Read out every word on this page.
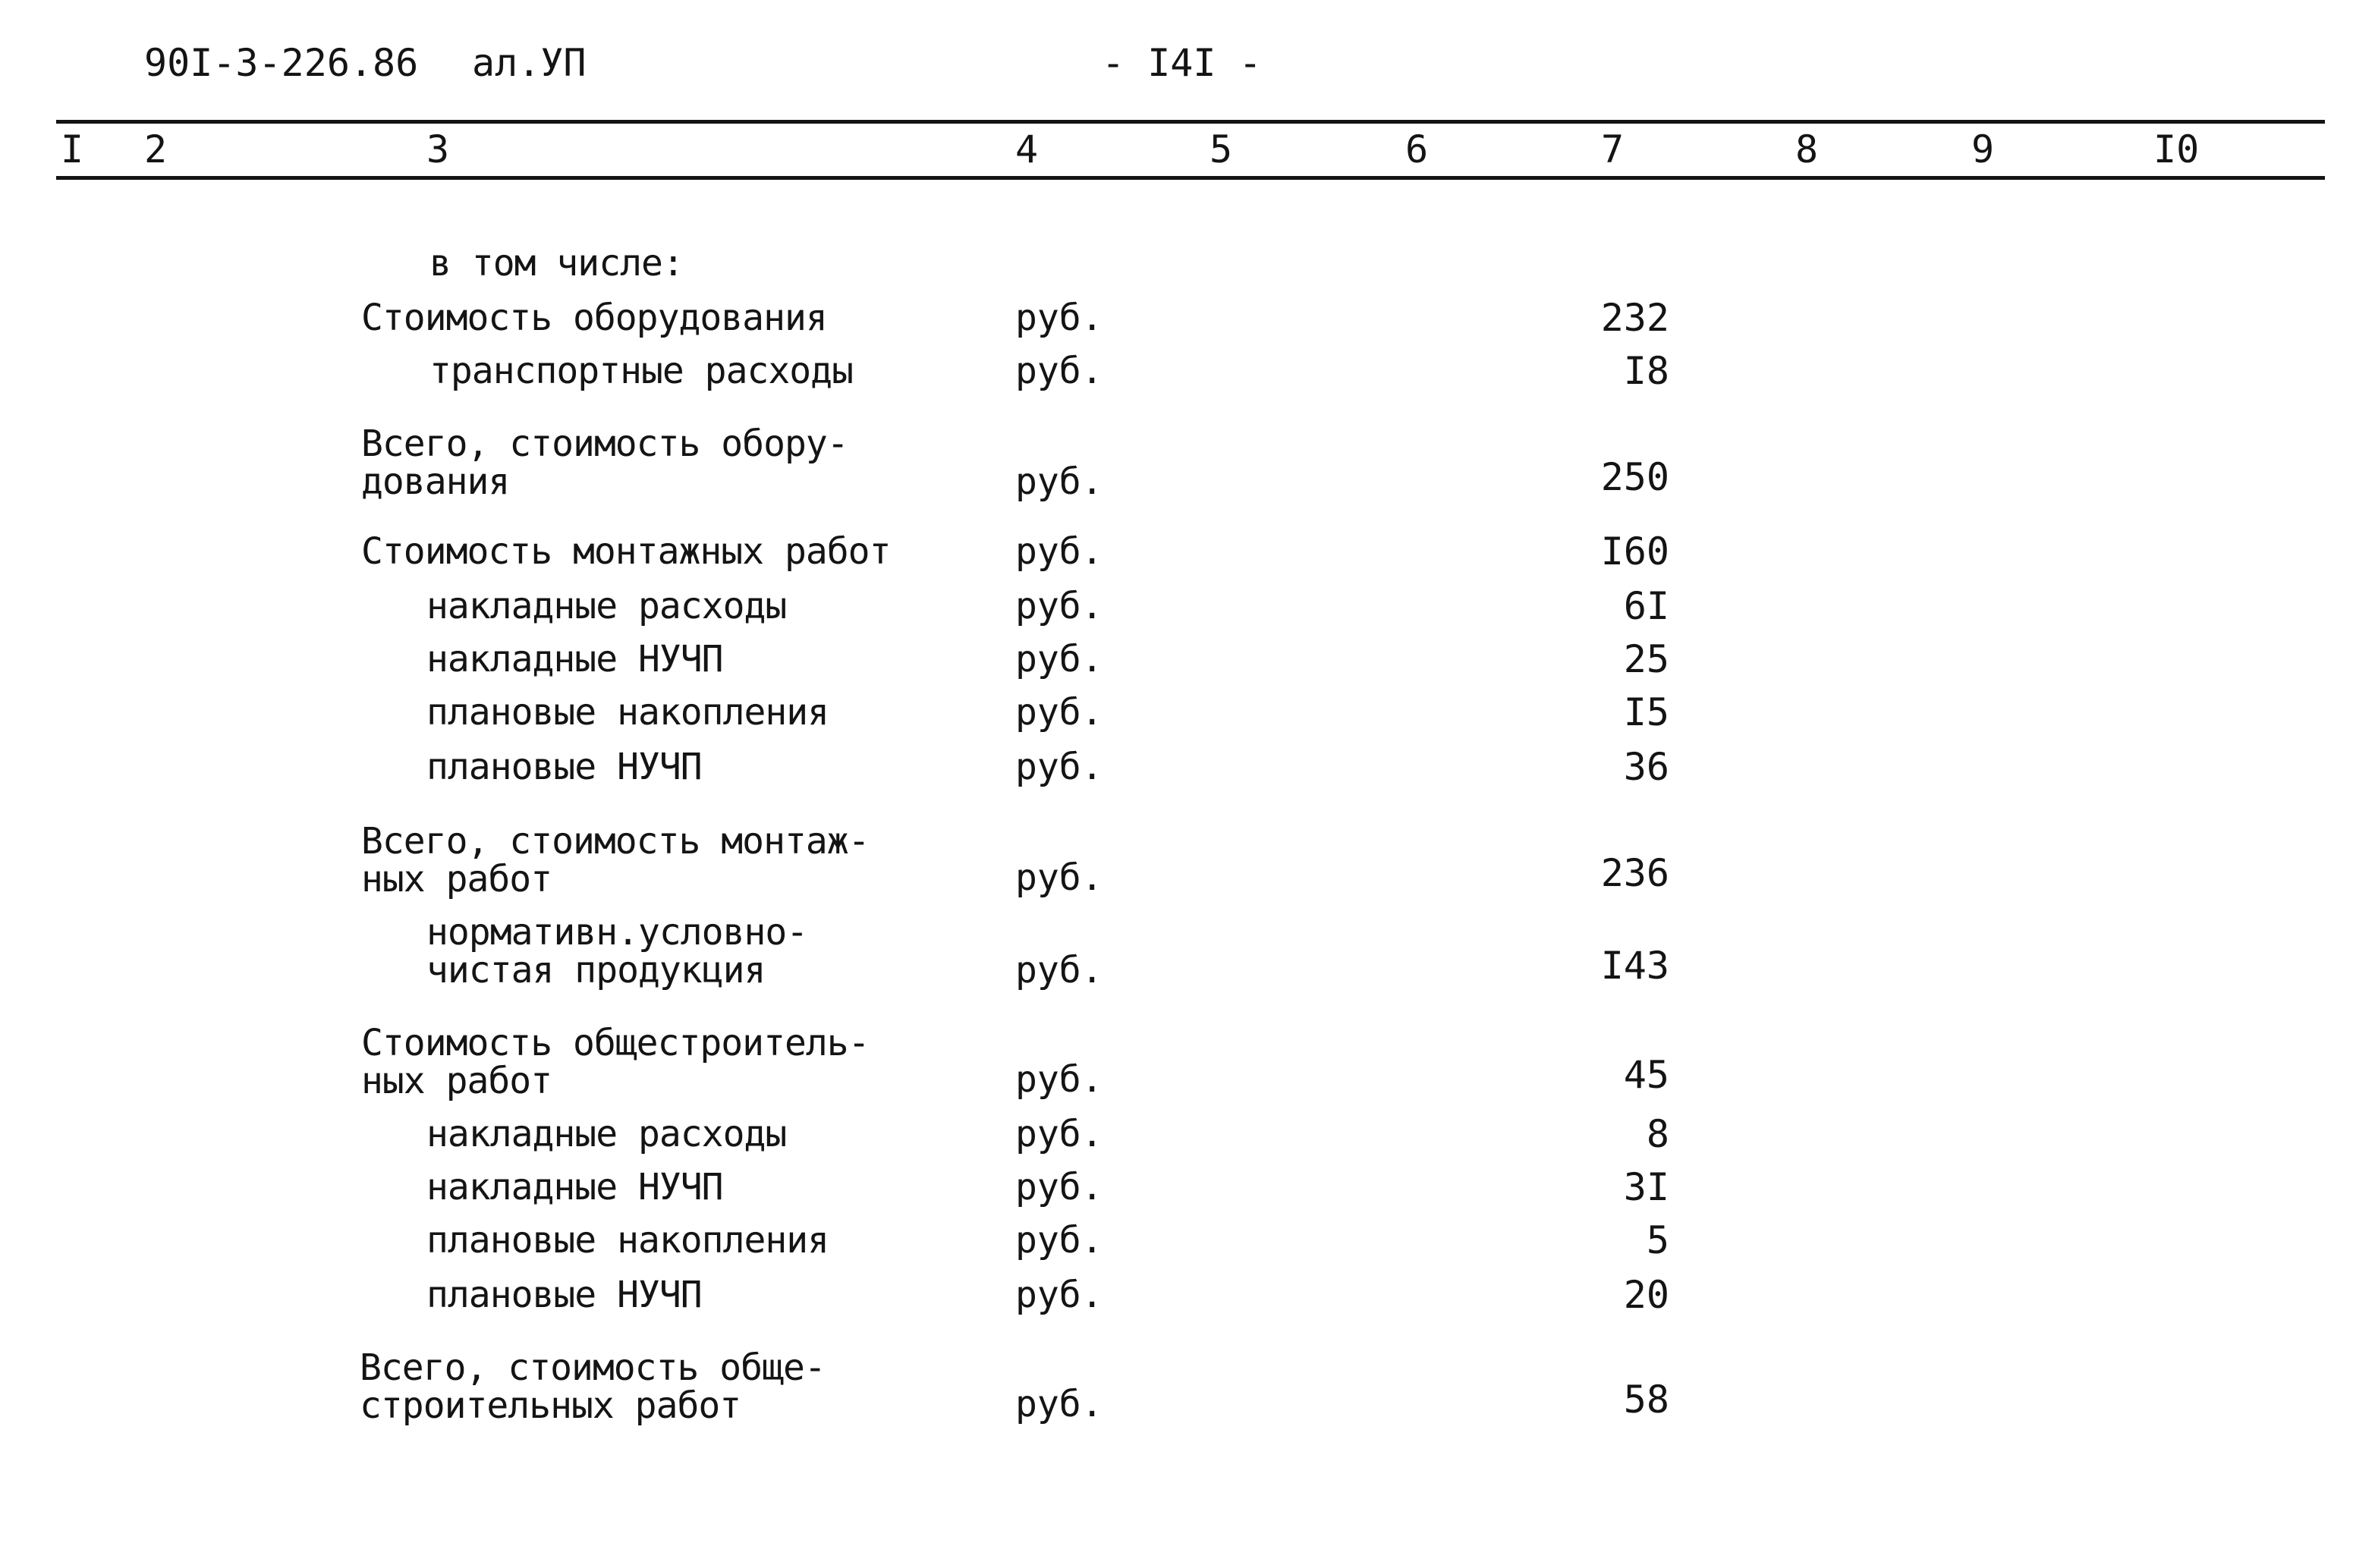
90I-3-226.86 ал.УП	- I4I -
I 2	3	4	5	6	7	8	9	I0
в том числе:
Стоимость оборудования	руб.	232
транспортные расходы	руб.	I8
Всего, стоимость обору-
дования	руб.	250
Стоимость монтажных работ	руб.	I60
накладные расходы	руб.	6I
накладные НУЧП	руб.	25
плановые накопления	руб.	I5
плановые НУЧП	руб.	36
Всего, стоимость монтаж-
ных работ	руб.	236
нормативн.условно-
чистая продукция	руб.	I43
Стоимость общестроитель-
ных работ	руб.	45
накладные расходы	руб.	8
накладные НУЧП	руб.	3I
плановые накопления	руб.	5
плановые НУЧП	руб.	20
Всего, стоимость обще-
строительных работ	руб.	58
